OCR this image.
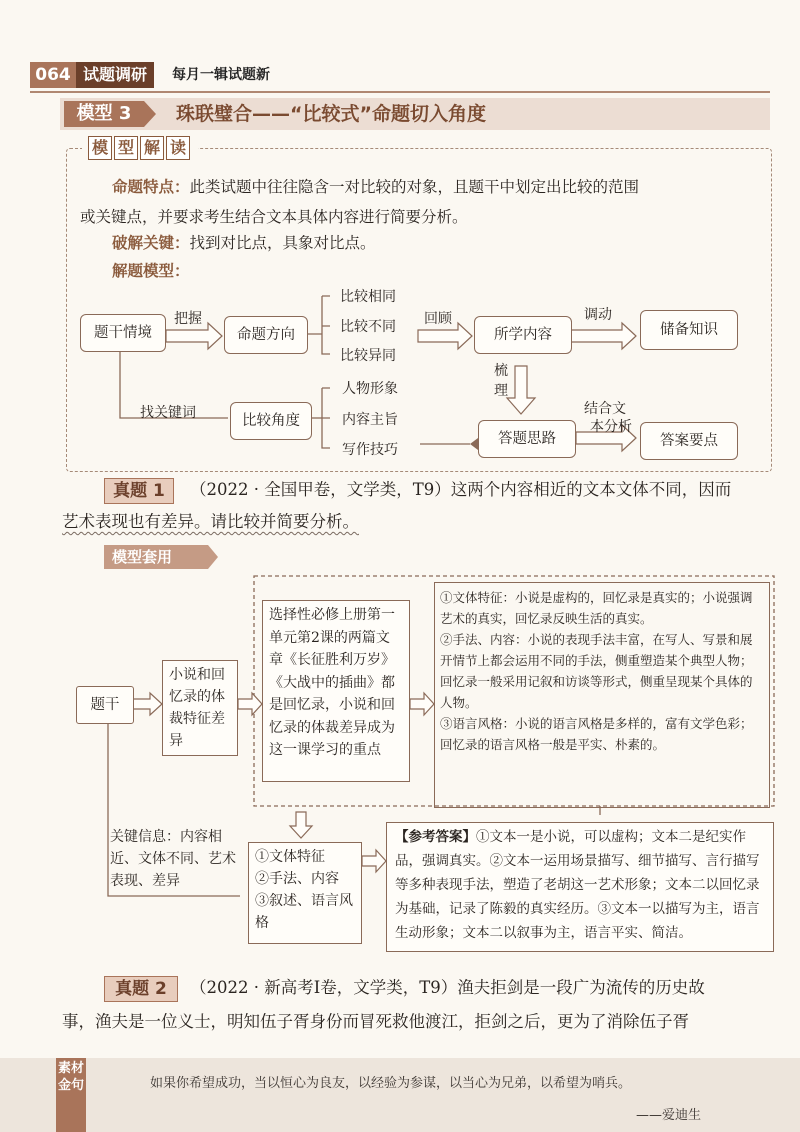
064 试题调研	每月一辑试题新
模型 3	珠联璧合——“比较式”命题切入角度
模 型 解 读
命题特点：此类试题中往往隐含一对比较的对象，且题干中划定出比较的范围
或关键点，并要求考生结合文本具体内容进行简要分析。
破解关键：找到对比点，具象对比点。
解题模型：
题干情境
把握
命题方向
比较相同
比较不同
比较异同
回顾
所学内容
调动
储备知识
梳
理
找关键词	比较角度
人物形象
内容主旨
写作技巧
答题思路
结合文
本分析
答案要点
真题 1	（2022 · 全国甲卷，文学类，T9）这两个内容相近的文本文体不同，因而
艺术表现也有差异。请比较并简要分析。
模型套用
题干
小说和回忆录的体裁特征差异
选择性必修上册第一单元第2课的两篇文章《长征胜利万岁》《大战中的插曲》都是回忆录，小说和回忆录的体裁差异成为这一课学习的重点
①文体特征：小说是虚构的，回忆录是真实的；小说强调艺术的真实，回忆录反映生活的真实。
②手法、内容：小说的表现手法丰富，在写人、写景和展开情节上都会运用不同的手法，侧重塑造某个典型人物；回忆录一般采用记叙和访谈等形式，侧重呈现某个具体的人物。
③语言风格：小说的语言风格是多样的，富有文学色彩；回忆录的语言风格一般是平实、朴素的。
关键信息：内容相近、文体不同、艺术表现、差异
①文体特征
②手法、内容
③叙述、语言风格
【参考答案】①文本一是小说，可以虚构；文本二是纪实作品，强调真实。②文本一运用场景描写、细节描写、言行描写等多种表现手法，塑造了老胡这一艺术形象；文本二以回忆录为基础，记录了陈毅的真实经历。③文本一以描写为主，语言生动形象；文本二以叙事为主，语言平实、简洁。
真题 2	（2022 · 新高考Ⅰ卷，文学类，T9）渔夫拒剑是一段广为流传的历史故
事，渔夫是一位义士，明知伍子胥身份而冒死救他渡江，拒剑之后，更为了消除伍子胥
素材金句	如果你希望成功，当以恒心为良友，以经验为参谋，以当心为兄弟，以希望为哨兵。
——爱迪生
